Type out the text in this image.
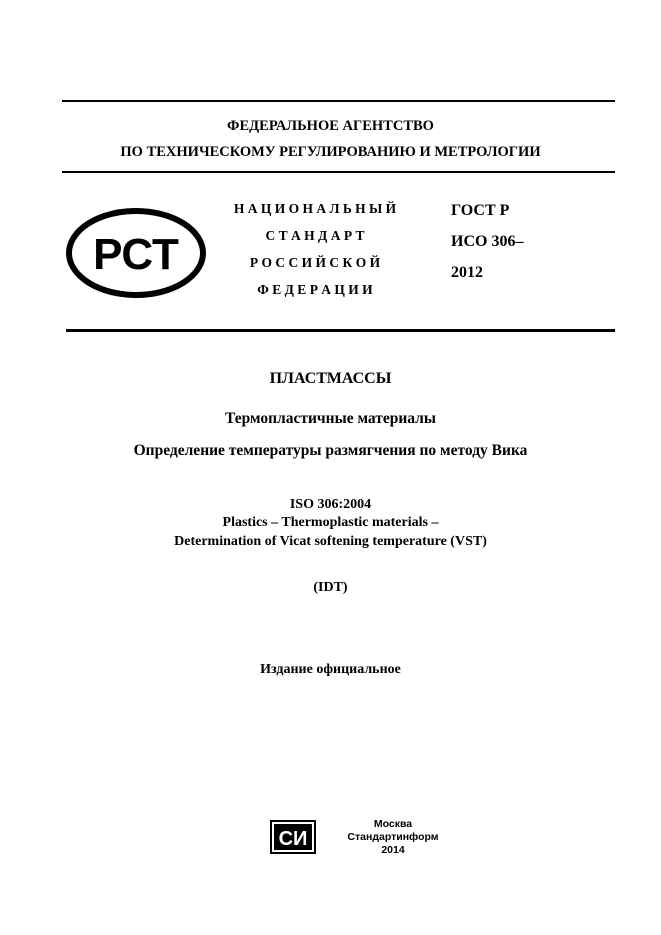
ФЕДЕРАЛЬНОЕ АГЕНТСТВО
ПО ТЕХНИЧЕСКОМУ РЕГУЛИРОВАНИЮ И МЕТРОЛОГИИ
РСТ
Н А Ц И О Н А Л Ь Н Ы Й
С Т А Н Д А Р Т
Р О С С И Й С К О Й
Ф Е Д Е Р А Ц И И
ГОСТ Р
ИСО 306–
2012
ПЛАСТМАССЫ
Термопластичные материалы
Определение температуры размягчения по методу Вика
ISO 306:2004
Plastics – Thermoplastic materials –
Determination of Vicat softening temperature (VST)
(IDT)
Издание официальное
СИ
Москва
Стандартинформ
2014
